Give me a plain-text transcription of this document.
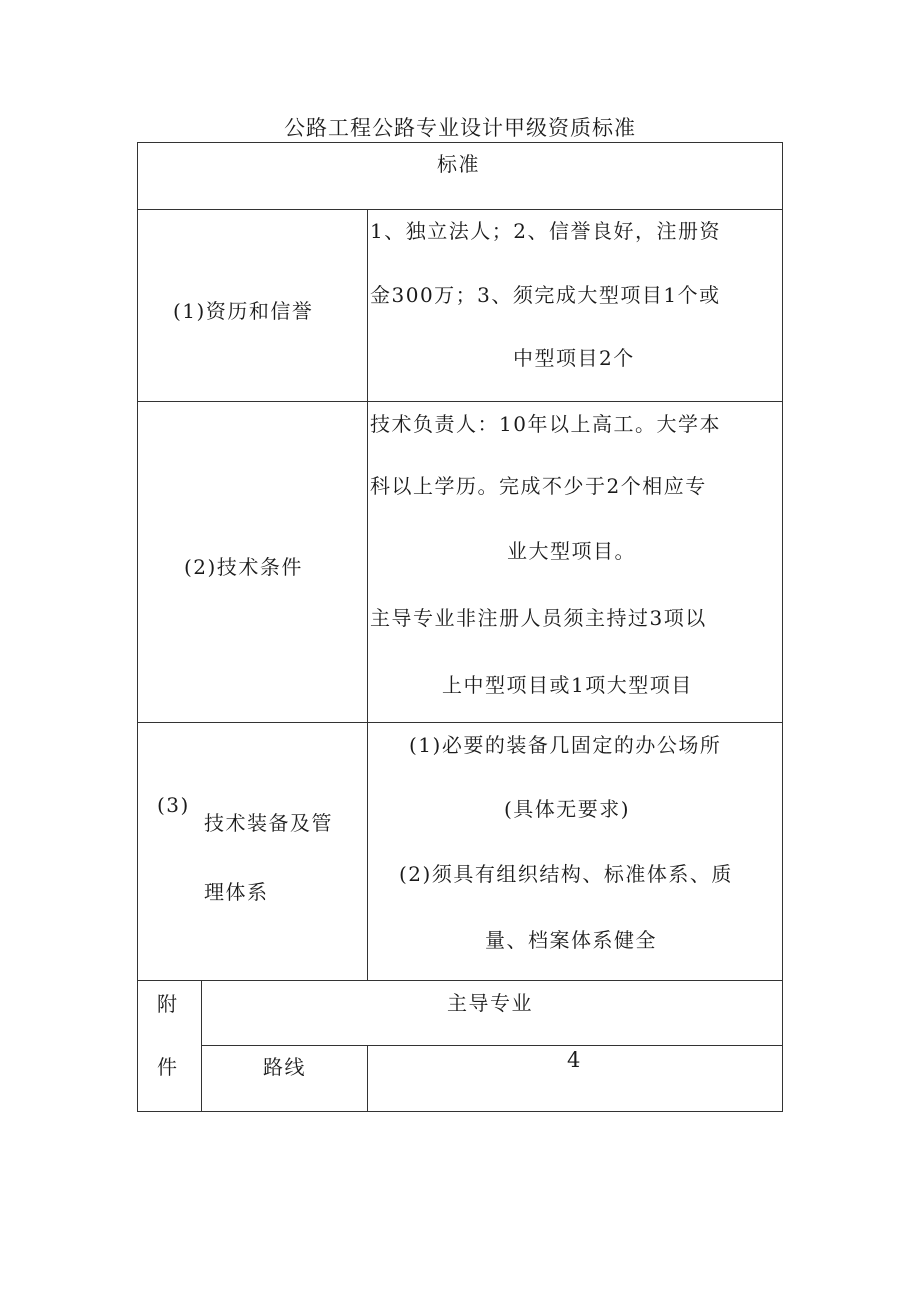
公路工程公路专业设计甲级资质标准
标准
(1)资历和信誉
1、独立法人；2、信誉良好，注册资
金300万；3、须完成大型项目1个或
中型项目2个
(2)技术条件
技术负责人：10年以上高工。大学本
科以上学历。完成不少于2个相应专
业大型项目。
主导专业非注册人员须主持过3项以
上中型项目或1项大型项目
(3)
技术装备及管
理体系
(1)必要的装备几固定的办公场所
(具体无要求)
(2)须具有组织结构、标准体系、质
量、档案体系健全
附
件
主导专业
路线	4
